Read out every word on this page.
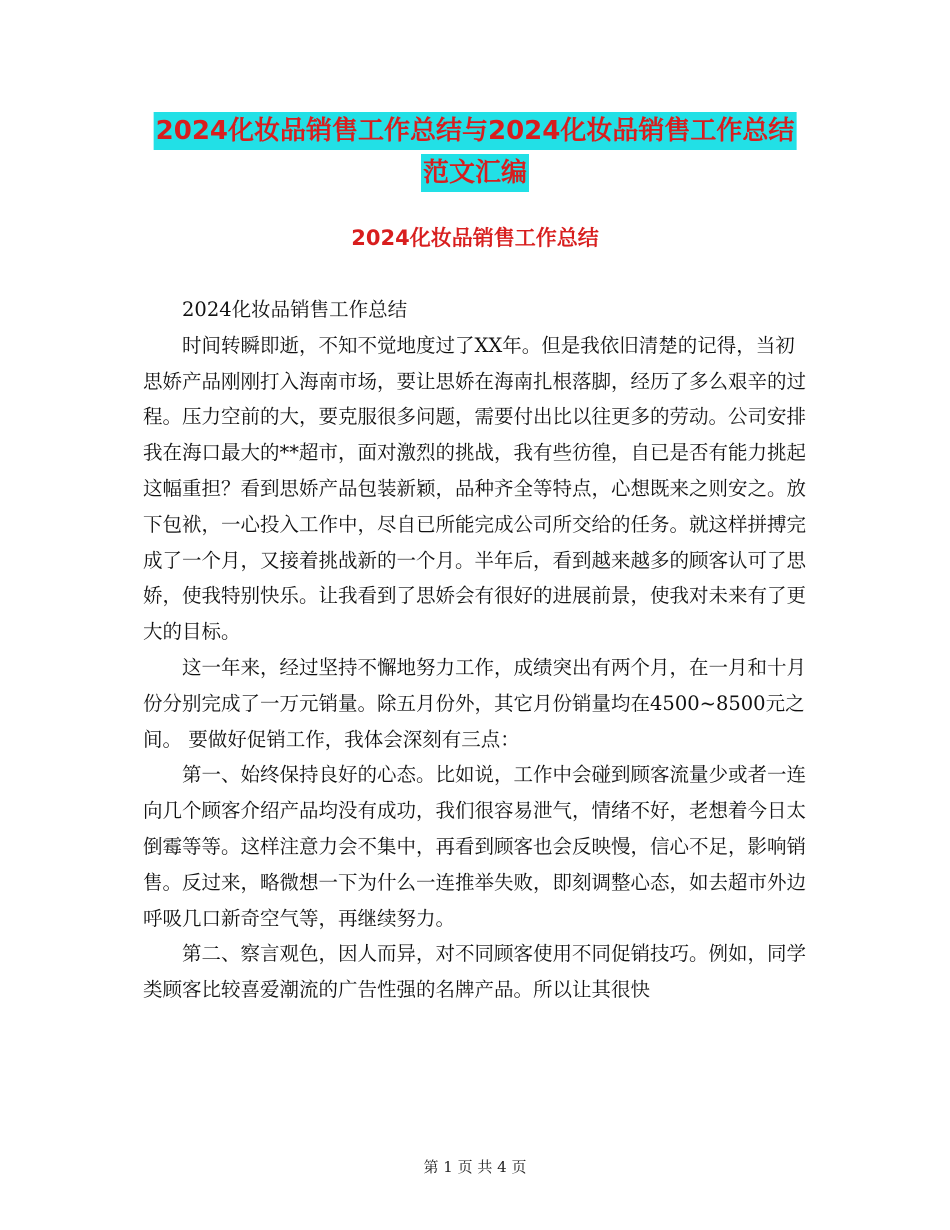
2024化妆品销售工作总结与2024化妆品销售工作总结
范文汇编
2024化妆品销售工作总结

2024化妆品销售工作总结

时间转瞬即逝，不知不觉地度过了XX年。但是我依旧清楚的记得，当初思娇产品刚刚打入海南市场，要让思娇在海南扎根落脚，经历了多么艰辛的过程。压力空前的大，要克服很多问题，需要付出比以往更多的劳动。公司安排我在海口最大的**超市，面对激烈的挑战，我有些彷徨，自已是否有能力挑起这幅重担？看到思娇产品包装新颖，品种齐全等特点，心想既来之则安之。放下包袱，一心投入工作中，尽自已所能完成公司所交给的任务。就这样拼搏完成了一个月，又接着挑战新的一个月。半年后，看到越来越多的顾客认可了思娇，使我特别快乐。让我看到了思娇会有很好的进展前景，使我对未来有了更大的目标。

这一年来，经过坚持不懈地努力工作，成绩突出有两个月，在一月和十月份分别完成了一万元销量。除五月份外，其它月份销量均在4500~8500元之间。 要做好促销工作，我体会深刻有三点：

第一、始终保持良好的心态。比如说，工作中会碰到顾客流量少或者一连向几个顾客介绍产品均没有成功，我们很容易泄气，情绪不好，老想着今日太倒霉等等。这样注意力会不集中，再看到顾客也会反映慢，信心不足，影响销售。反过来，略微想一下为什么一连推举失败，即刻调整心态，如去超市外边呼吸几口新奇空气等，再继续努力。

第二、察言观色，因人而异，对不同顾客使用不同促销技巧。例如，同学类顾客比较喜爱潮流的广告性强的名牌产品。所以让其很快

第 1 页 共 4 页
